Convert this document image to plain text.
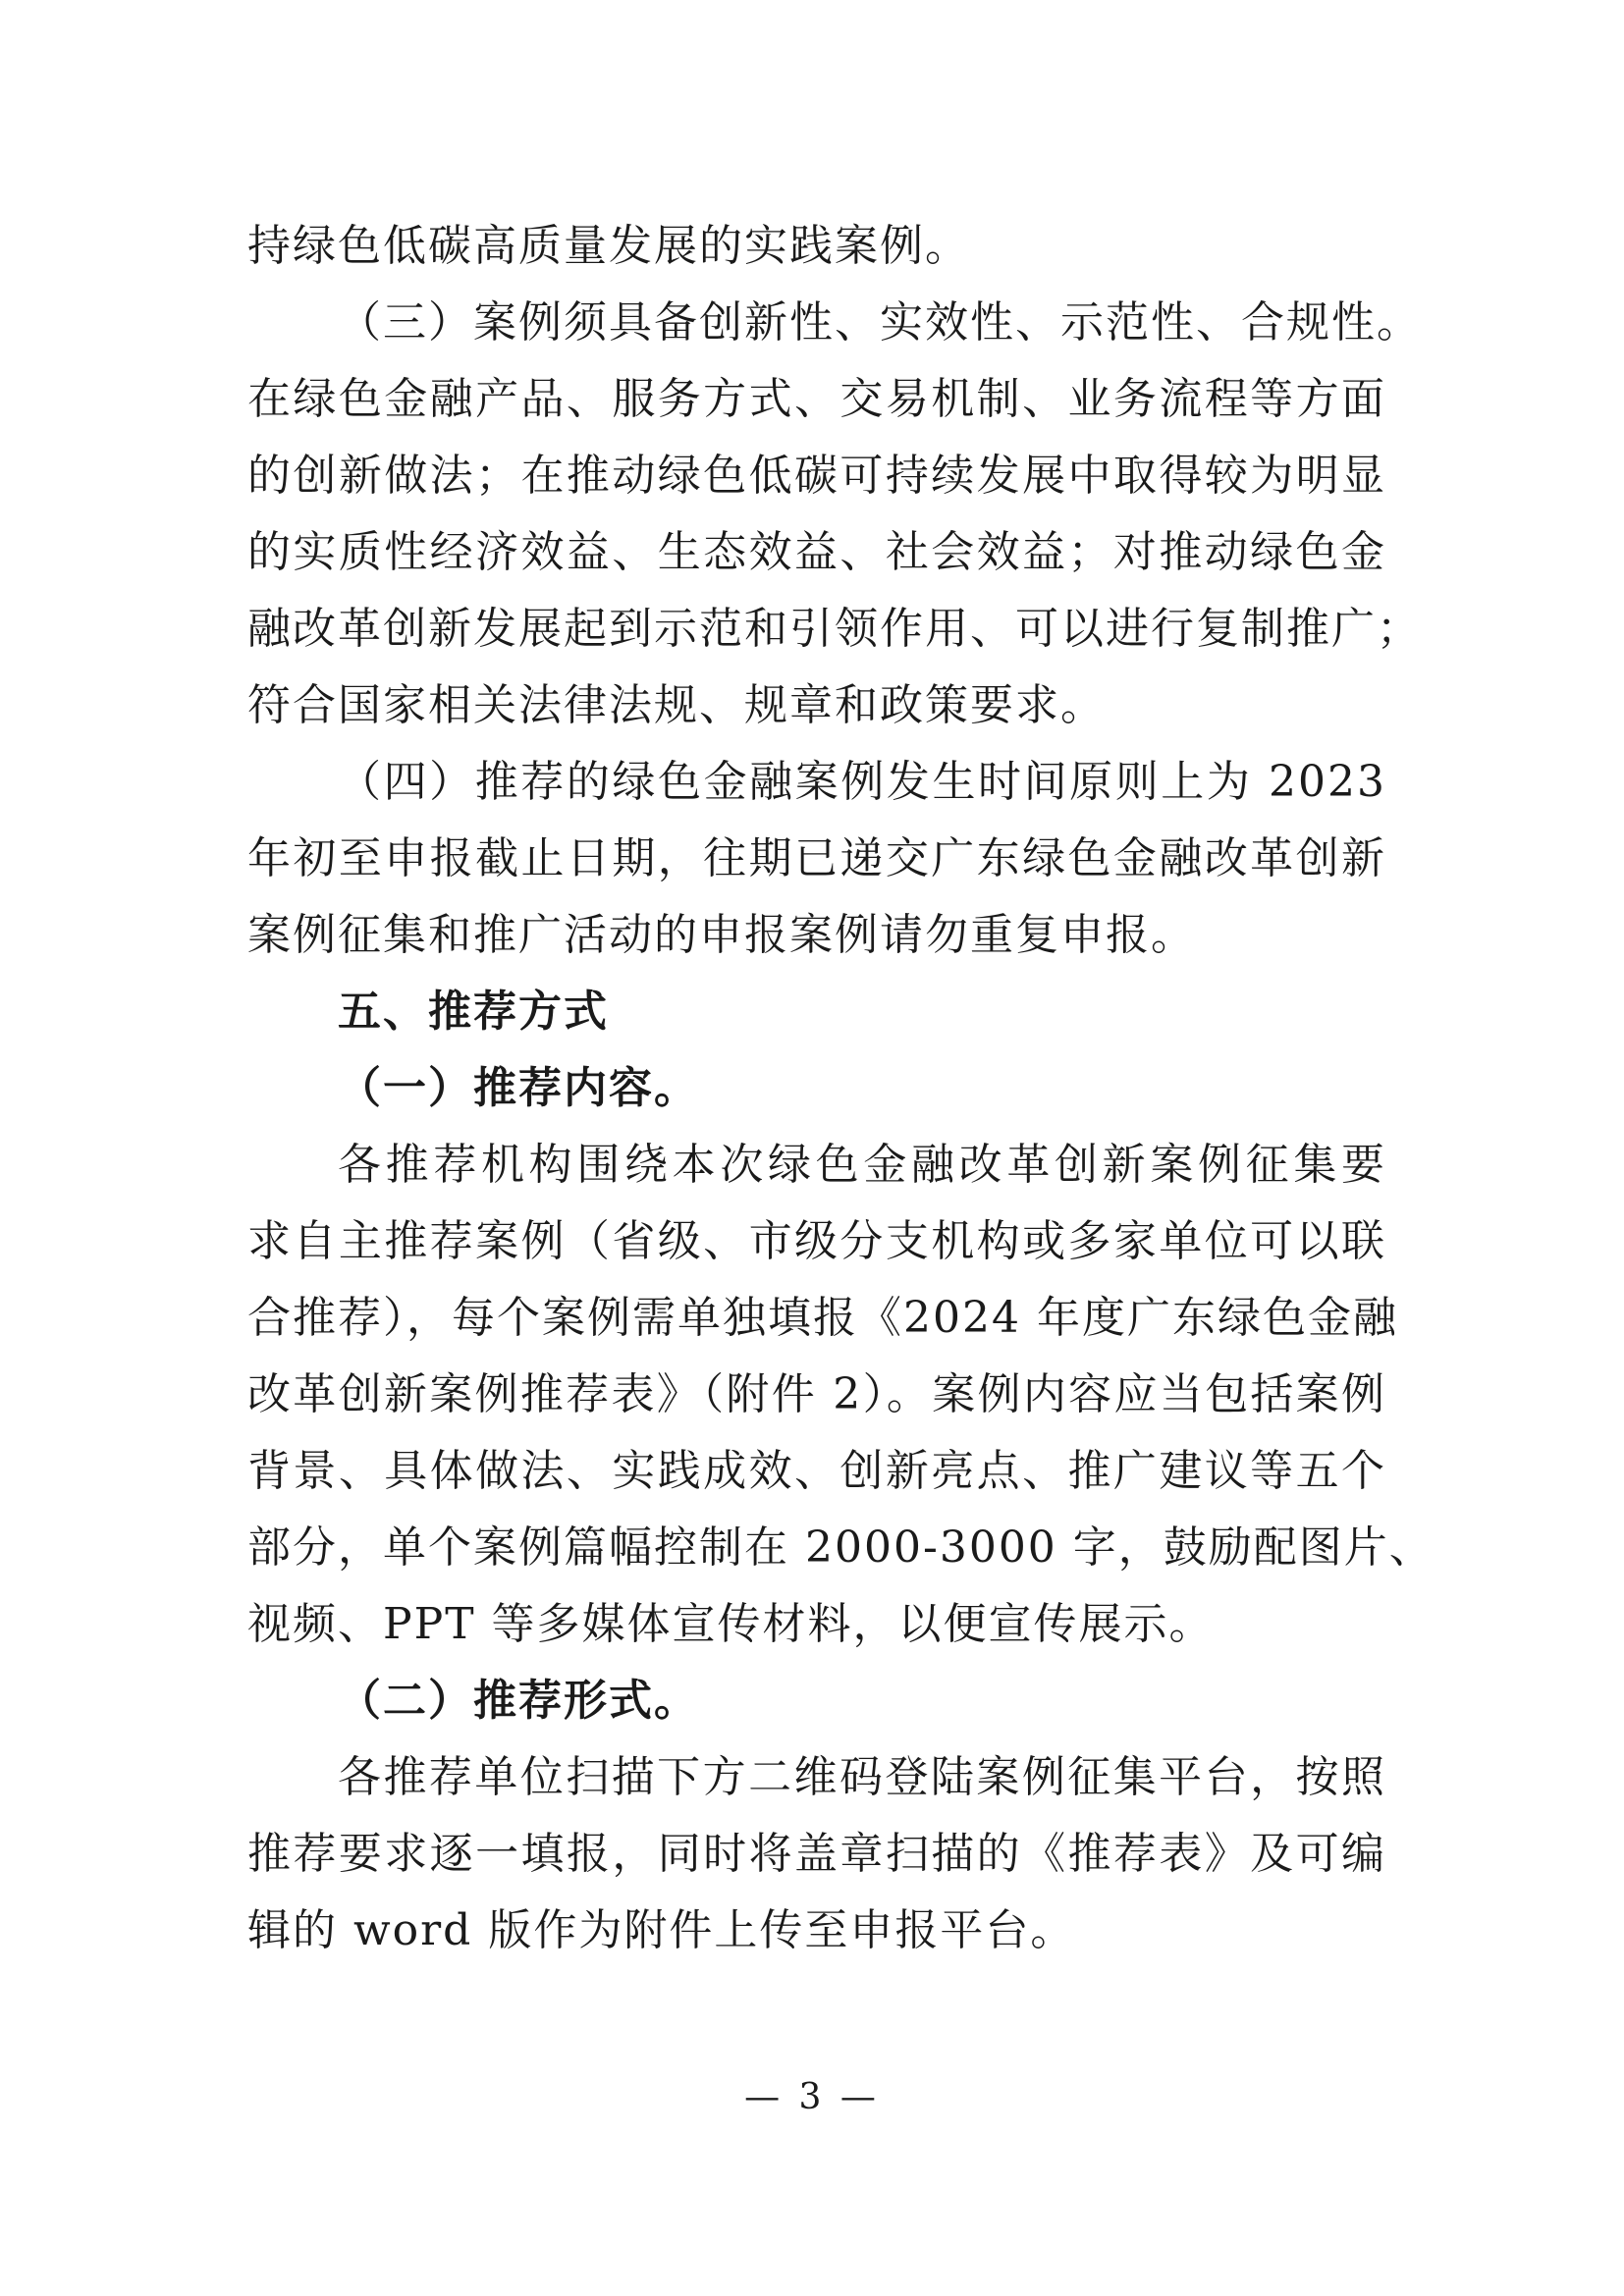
持绿色低碳高质量发展的实践案例。
（三）案例须具备创新性、实效性、示范性、合规性。
在绿色金融产品、服务方式、交易机制、业务流程等方面
的创新做法；在推动绿色低碳可持续发展中取得较为明显
的实质性经济效益、生态效益、社会效益；对推动绿色金
融改革创新发展起到示范和引领作用、可以进行复制推广；
符合国家相关法律法规、规章和政策要求。
（四）推荐的绿色金融案例发生时间原则上为 2023
年初至申报截止日期，往期已递交广东绿色金融改革创新
案例征集和推广活动的申报案例请勿重复申报。
五、推荐方式
（一）推荐内容。
各推荐机构围绕本次绿色金融改革创新案例征集要
求自主推荐案例（省级、市级分支机构或多家单位可以联
合推荐），每个案例需单独填报《2024 年度广东绿色金融
改革创新案例推荐表》（附件 2）。案例内容应当包括案例
背景、具体做法、实践成效、创新亮点、推广建议等五个
部分，单个案例篇幅控制在 2000-3000 字，鼓励配图片、
视频、PPT 等多媒体宣传材料，以便宣传展示。
（二）推荐形式。
各推荐单位扫描下方二维码登陆案例征集平台，按照
推荐要求逐一填报，同时将盖章扫描的《推荐表》及可编
辑的 word 版作为附件上传至申报平台。
— 3 —
